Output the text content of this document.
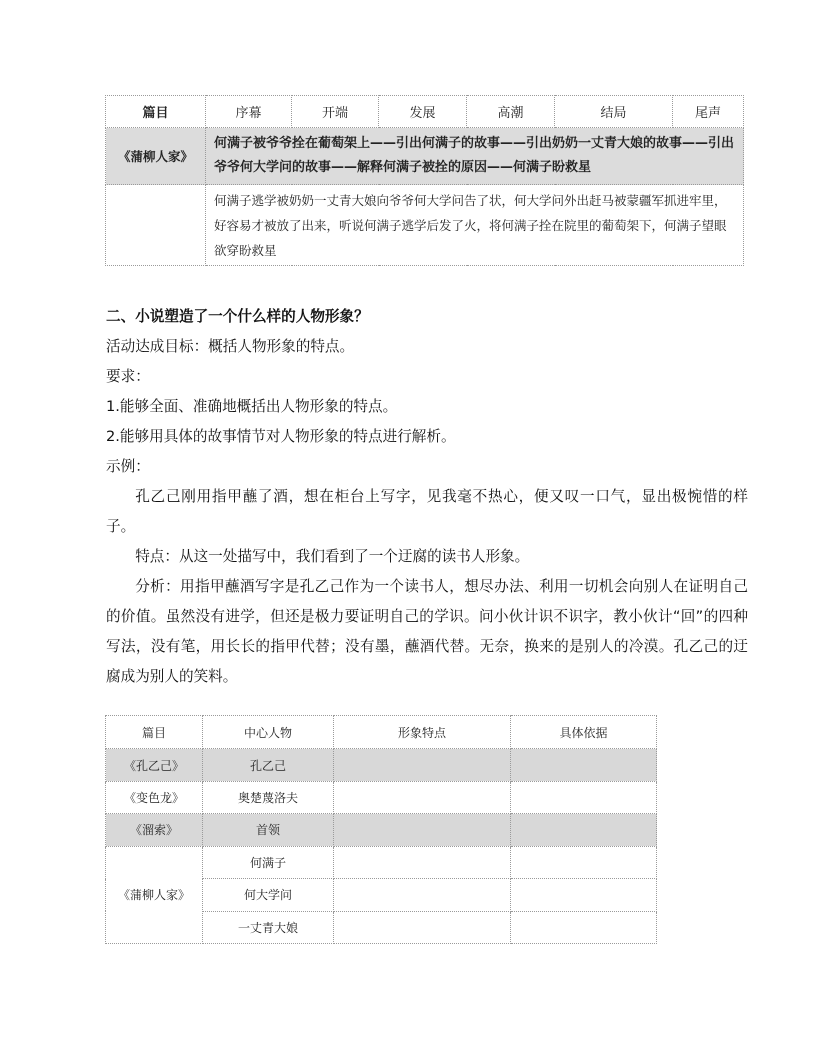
篇目	序幕	开端	发展	高潮	结局	尾声
《蒲柳人家》	何满子被爷爷拴在葡萄架上——引出何满子的故事——引出奶奶一丈青大娘的故事——引出爷爷何大学问的故事——解释何满子被拴的原因——何满子盼救星					
	何满子逃学被奶奶一丈青大娘向爷爷何大学问告了状，何大学问外出赶马被蒙疆军抓进牢里，好容易才被放了出来，听说何满子逃学后发了火，将何满子拴在院里的葡萄架下，何满子望眼欲穿盼救星					

二、小说塑造了一个什么样的人物形象？

活动达成目标：概括人物形象的特点。

要求：

1.能够全面、准确地概括出人物形象的特点。

2.能够用具体的故事情节对人物形象的特点进行解析。

示例：

孔乙己刚用指甲蘸了酒，想在柜台上写字，见我毫不热心，便又叹一口气，显出极惋惜的样子。

特点：从这一处描写中，我们看到了一个迂腐的读书人形象。

分析：用指甲蘸酒写字是孔乙己作为一个读书人，想尽办法、利用一切机会向别人在证明自己的价值。虽然没有进学，但还是极力要证明自己的学识。问小伙计识不识字，教小伙计“回”的四种写法，没有笔，用长长的指甲代替；没有墨，蘸酒代替。无奈，换来的是别人的冷漠。孔乙己的迂腐成为别人的笑料。

篇目	中心人物	形象特点	具体依据
《孔乙己》	孔乙己		
《变色龙》	奥楚蔑洛夫		
《溜索》	首领		
《蒲柳人家》	何满子		
	何大学问		
	一丈青大娘		
